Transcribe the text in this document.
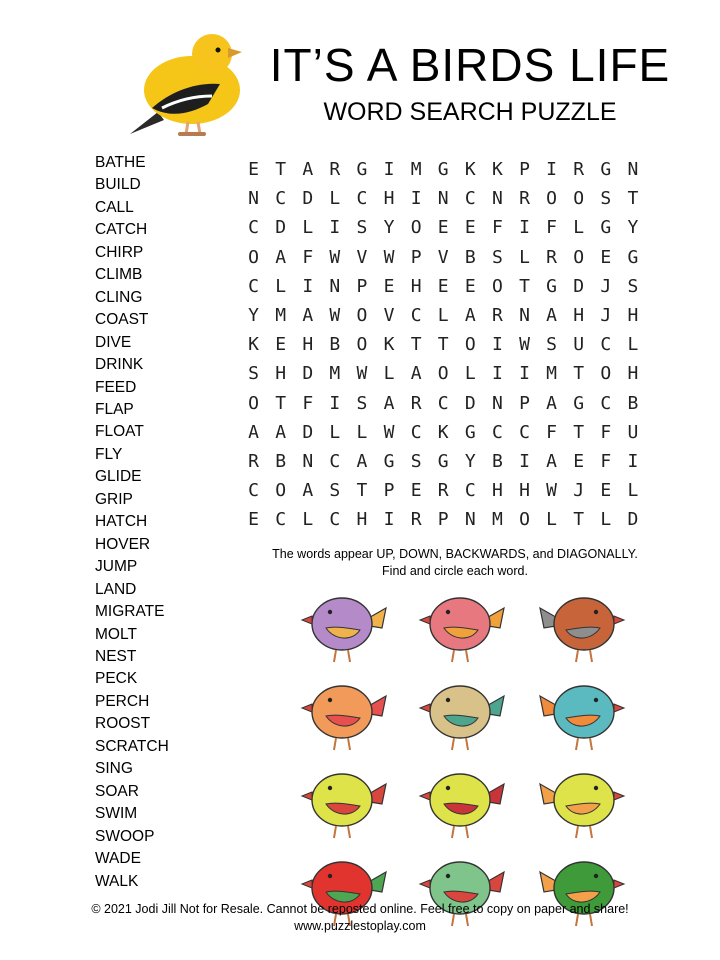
IT’S A BIRDS LIFE
WORD SEARCH PUZZLE
BATHE
BUILD
CALL
CATCH
CHIRP
CLIMB
CLING
COAST
DIVE
DRINK
FEED
FLAP
FLOAT
FLY
GLIDE
GRIP
HATCH
HOVER
JUMP
LAND
MIGRATE
MOLT
NEST
PECK
PERCH
ROOST
SCRATCH
SING
SOAR
SWIM
SWOOP
WADE
WALK
E T A R G I M G K K P I R G N
N C D L C H I N C N R O O S T
C D L I S Y O E E F I F L G Y
O A F W V W P V B S L R O E G
C L I N P E H E E O T G D J S
Y M A W O V C L A R N A H J H
K E H B O K T T O I W S U C L
S H D M W L A O L I I M T O H
O T F I S A R C D N P A G C B
A A D L L W C K G C C F T F U
R B N C A G S G Y B I A E F I
C O A S T P E R C H H W J E L
E C L C H I R P N M O L T L D
The words appear UP, DOWN, BACKWARDS, and DIAGONALLY.
Find and circle each word.
© 2021 Jodi Jill Not for Resale. Cannot be reposted online. Feel free to copy on paper and share!
www.puzzlestoplay.com
